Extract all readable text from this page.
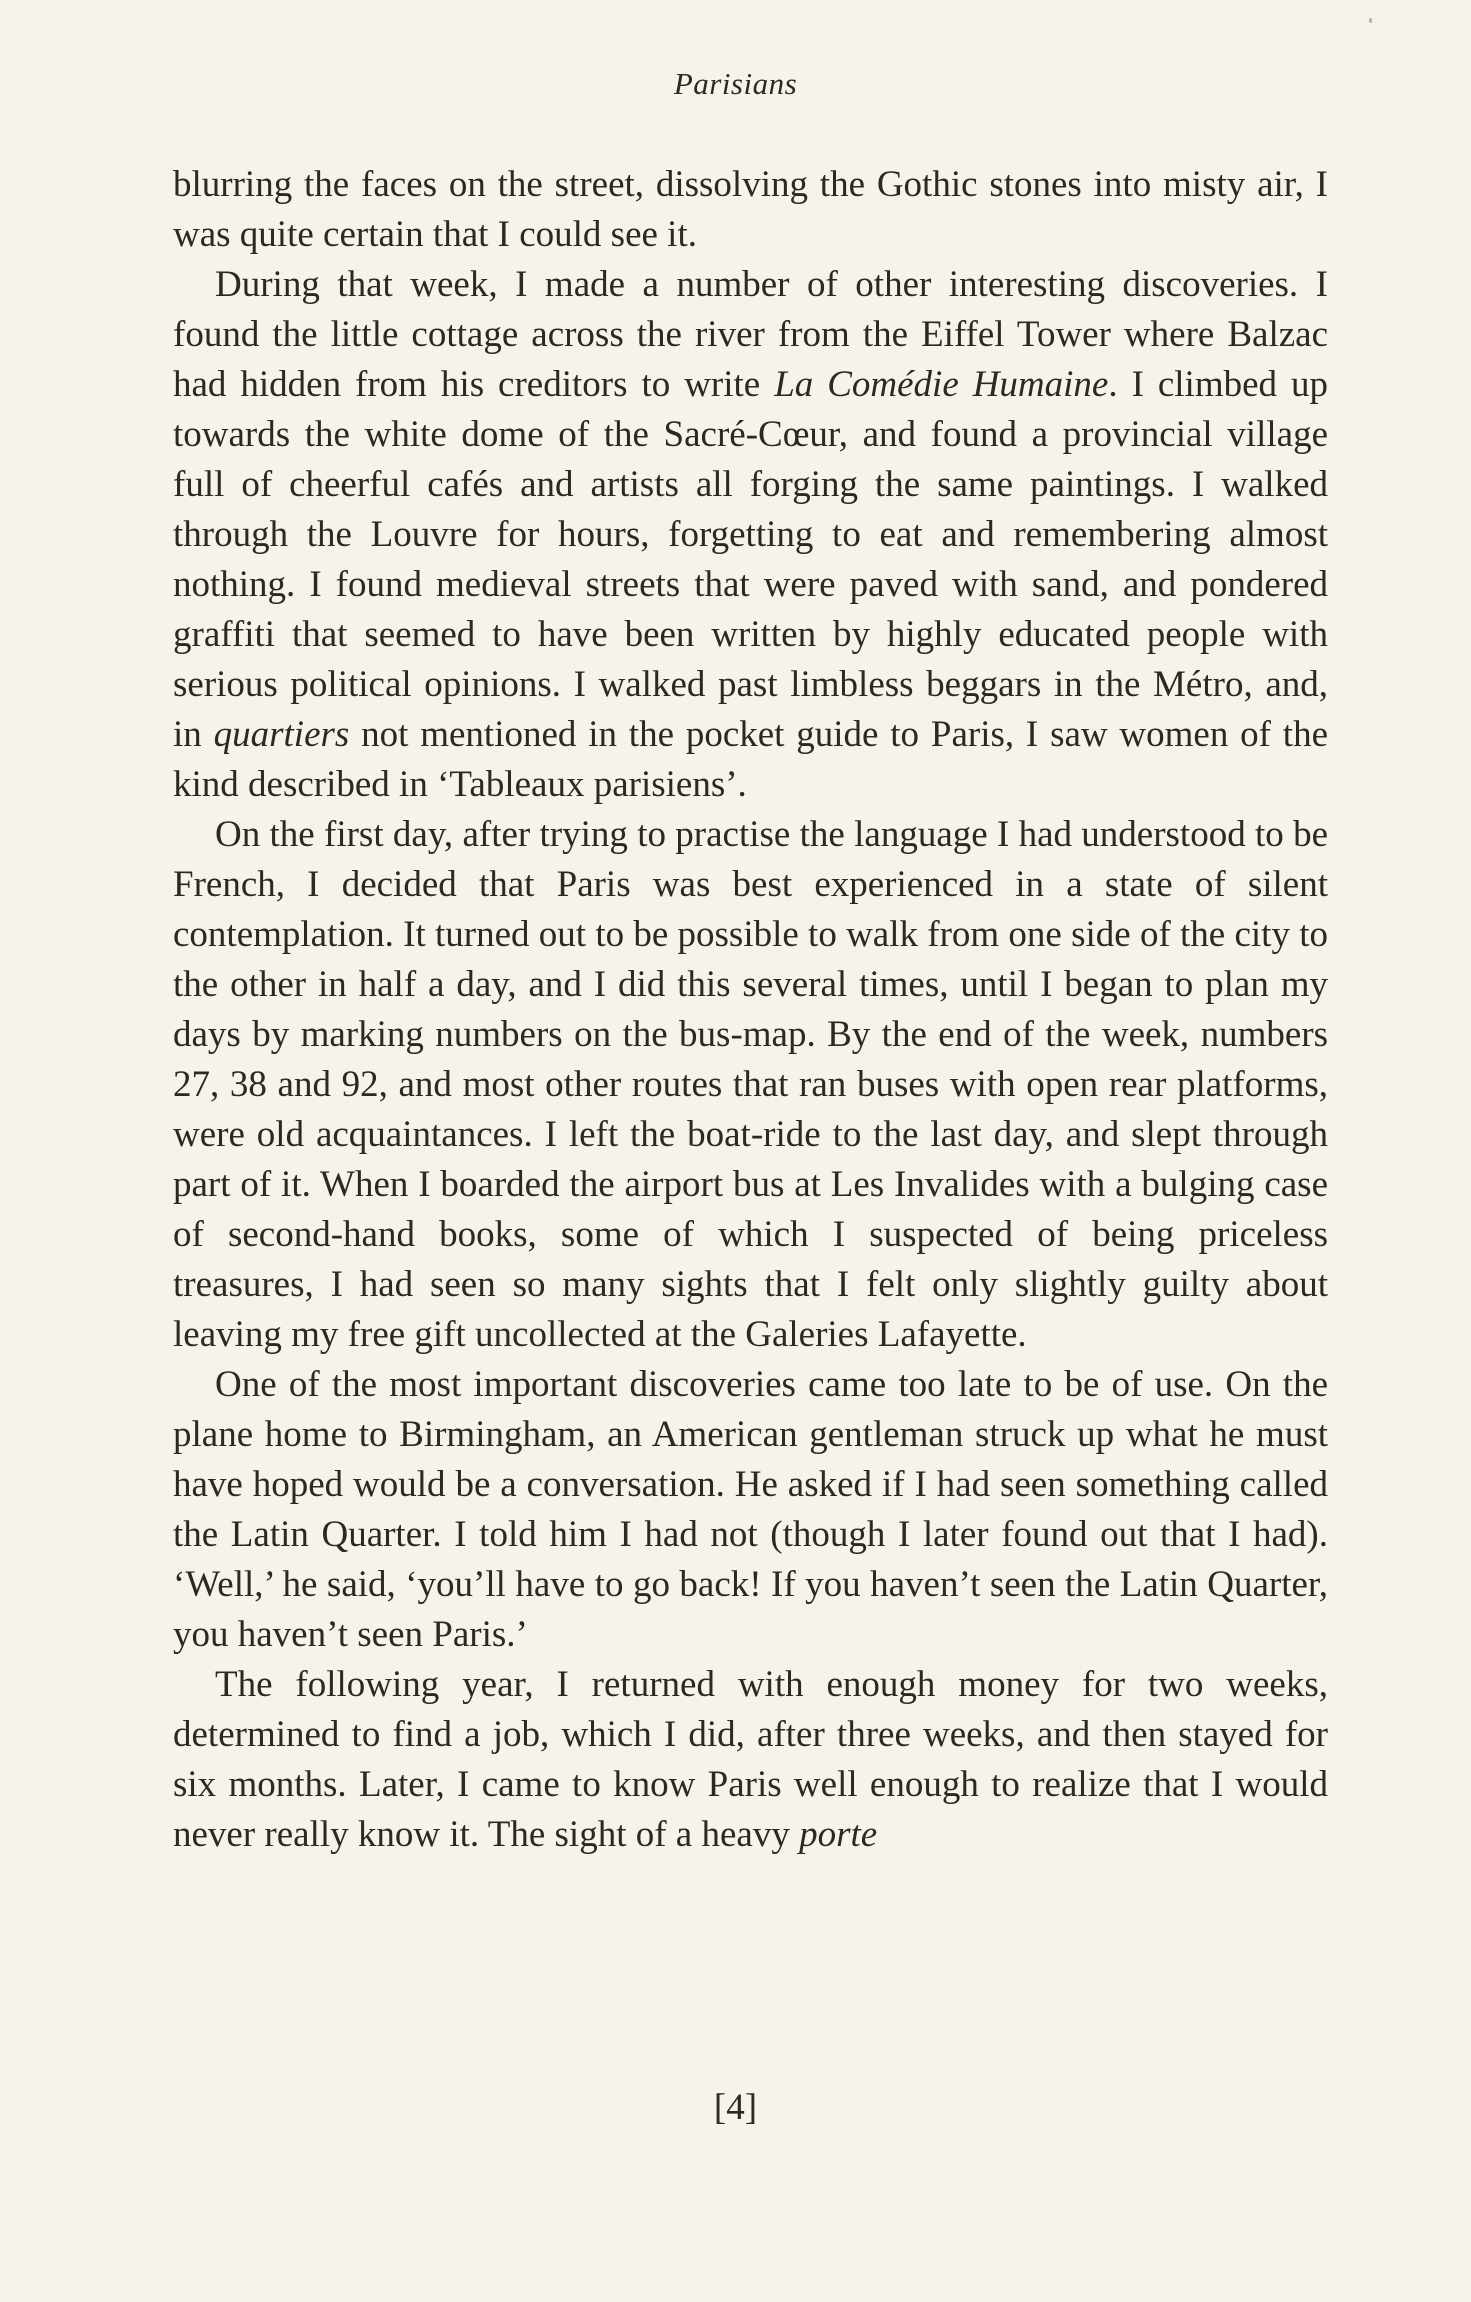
Parisians

blurring the faces on the street, dissolving the Gothic stones into misty air, I was quite certain that I could see it.

During that week, I made a number of other interesting discoveries. I found the little cottage across the river from the Eiffel Tower where Balzac had hidden from his creditors to write La Comédie Humaine. I climbed up towards the white dome of the Sacré-Cœur, and found a provincial village full of cheerful cafés and artists all forging the same paintings. I walked through the Louvre for hours, forgetting to eat and remembering almost nothing. I found medieval streets that were paved with sand, and pondered graffiti that seemed to have been written by highly educated people with serious political opinions. I walked past limbless beggars in the Métro, and, in quartiers not mentioned in the pocket guide to Paris, I saw women of the kind described in ‘Tableaux parisiens’.

On the first day, after trying to practise the language I had understood to be French, I decided that Paris was best experienced in a state of silent contemplation. It turned out to be possible to walk from one side of the city to the other in half a day, and I did this several times, until I began to plan my days by marking numbers on the bus-map. By the end of the week, numbers 27, 38 and 92, and most other routes that ran buses with open rear platforms, were old acquaintances. I left the boat-ride to the last day, and slept through part of it. When I boarded the airport bus at Les Invalides with a bulging case of second-hand books, some of which I suspected of being priceless treasures, I had seen so many sights that I felt only slightly guilty about leaving my free gift uncollected at the Galeries Lafayette.

One of the most important discoveries came too late to be of use. On the plane home to Birmingham, an American gentleman struck up what he must have hoped would be a conversation. He asked if I had seen something called the Latin Quarter. I told him I had not (though I later found out that I had). ‘Well,’ he said, ‘you’ll have to go back! If you haven’t seen the Latin Quarter, you haven’t seen Paris.’

The following year, I returned with enough money for two weeks, determined to find a job, which I did, after three weeks, and then stayed for six months. Later, I came to know Paris well enough to realize that I would never really know it. The sight of a heavy porte

[4]
